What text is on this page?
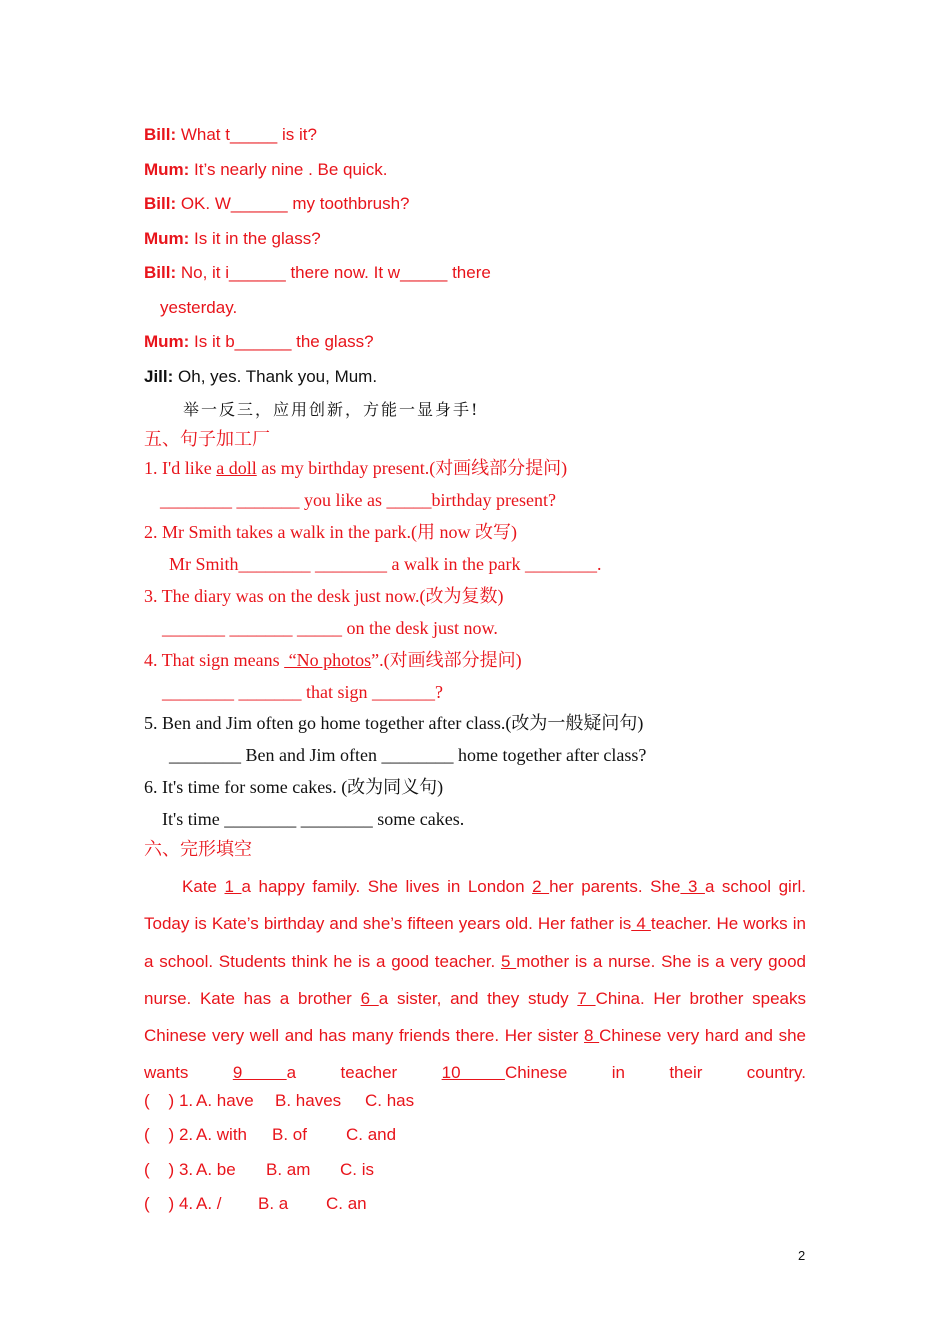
Bill: What t_____ is it?
Mum: It’s nearly nine . Be quick.
Bill: OK. W______ my toothbrush?
Mum: Is it in the glass?
Bill: No, it i______ there now. It w_____ there
yesterday.
Mum: Is it b______ the glass?
Jill: Oh, yes. Thank you, Mum.
举一反三，应用创新，方能一显身手!
五、句子加工厂
1. I'd like a doll as my birthday present.(对画线部分提问)
________ _______ you like as _____birthday present?
2. Mr Smith takes a walk in the park.(用 now 改写)
Mr Smith________ ________ a walk in the park ________.
3. The diary was on the desk just now.(改为复数)
_______ _______ _____ on the desk just now.
4. That sign means  “No photos”.(对画线部分提问)
________ _______ that sign _______?
5. Ben and Jim often go home together after class.(改为一般疑问句)
________ Ben and Jim often ________ home together after class?
6. It's time for some cakes. (改为同义句)
It's time ________ ________ some cakes.
六、完形填空
Kate 1 a happy family. She lives in London 2 her parents. She 3 a school girl. Today is Kate’s birthday and she’s fifteen years old. Her father is 4 teacher. He works in a school. Students think he is a good teacher. 5 mother is a nurse. She is a very good nurse. Kate has a brother 6 a sister, and they study 7 China. Her brother speaks Chinese very well and has many friends there. Her sister 8 Chinese very hard and she wants 9 a teacher 10 Chinese in their country.
(    ) 1. A. have B. haves C. has
(    ) 2. A. with B. of C. and
(    ) 3. A. be B. am C. is
(    ) 4. A. / B. a C. an
2
